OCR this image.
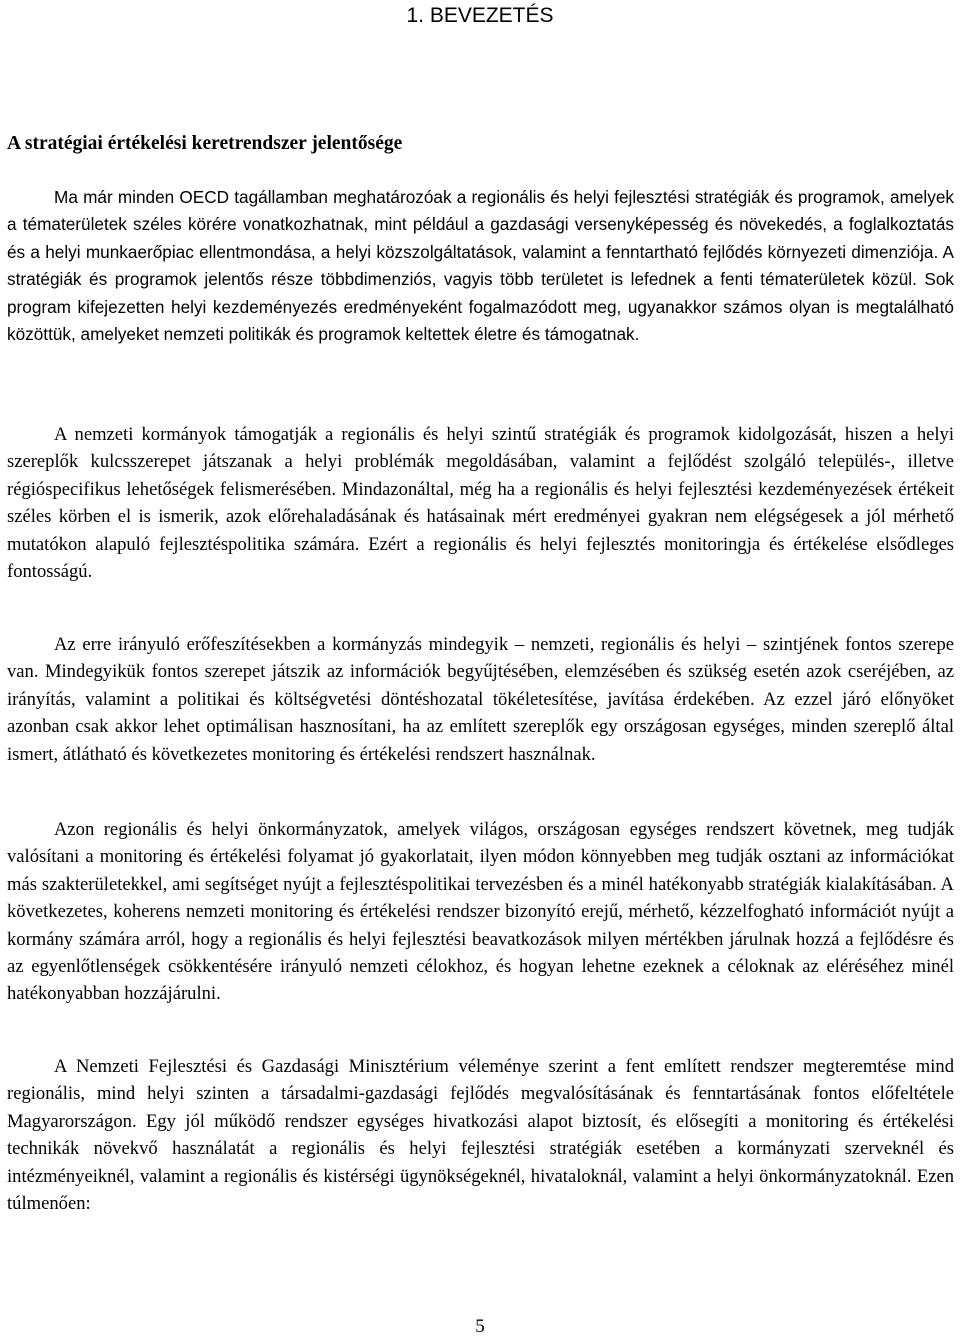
1. BEVEZETÉS
A stratégiai értékelési keretrendszer jelentősége

Ma már minden OECD tagállamban meghatározóak a regionális és helyi fejlesztési stratégiák és programok, amelyek a tématerületek széles körére vonatkozhatnak, mint például a gazdasági versenyképesség és növekedés, a foglalkoztatás és a helyi munkaerőpiac ellentmondása, a helyi közszolgáltatások, valamint a fenntartható fejlődés környezeti dimenziója. A stratégiák és programok jelentős része többdimenziós, vagyis több területet is lefednek a fenti tématerületek közül. Sok program kifejezetten helyi kezdeményezés eredményeként fogalmazódott meg, ugyanakkor számos olyan is megtalálható közöttük, amelyeket nemzeti politikák és programok keltettek életre és támogatnak.

A nemzeti kormányok támogatják a regionális és helyi szintű stratégiák és programok kidolgozását, hiszen a helyi szereplők kulcsszerepet játszanak a helyi problémák megoldásában, valamint a fejlődést szolgáló település-, illetve régióspecifikus lehetőségek felismerésében. Mindazonáltal, még ha a regionális és helyi fejlesztési kezdeményezések értékeit széles körben el is ismerik, azok előrehaladásának és hatásainak mért eredményei gyakran nem elégségesek a jól mérhető mutatókon alapuló fejlesztéspolitika számára. Ezért a regionális és helyi fejlesztés monitoringja és értékelése elsődleges fontosságú.

Az erre irányuló erőfeszítésekben a kormányzás mindegyik – nemzeti, regionális és helyi – szintjének fontos szerepe van. Mindegyikük fontos szerepet játszik az információk begyűjtésében, elemzésében és szükség esetén azok cseréjében, az irányítás, valamint a politikai és költségvetési döntéshozatal tökéletesítése, javítása érdekében. Az ezzel járó előnyöket azonban csak akkor lehet optimálisan hasznosítani, ha az említett szereplők egy országosan egységes, minden szereplő által ismert, átlátható és következetes monitoring és értékelési rendszert használnak.

Azon regionális és helyi önkormányzatok, amelyek világos, országosan egységes rendszert követnek, meg tudják valósítani a monitoring és értékelési folyamat jó gyakorlatait, ilyen módon könnyebben meg tudják osztani az információkat más szakterületekkel, ami segítséget nyújt a fejlesztéspolitikai tervezésben és a minél hatékonyabb stratégiák kialakításában. A következetes, koherens nemzeti monitoring és értékelési rendszer bizonyító erejű, mérhető, kézzelfogható információt nyújt a kormány számára arról, hogy a regionális és helyi fejlesztési beavatkozások milyen mértékben járulnak hozzá a fejlődésre és az egyenlőtlenségek csökkentésére irányuló nemzeti célokhoz, és hogyan lehetne ezeknek a céloknak az eléréséhez minél hatékonyabban hozzájárulni.

A Nemzeti Fejlesztési és Gazdasági Minisztérium véleménye szerint a fent említett rendszer megteremtése mind regionális, mind helyi szinten a társadalmi-gazdasági fejlődés megvalósításának és fenntartásának fontos előfeltétele Magyarországon. Egy jól működő rendszer egységes hivatkozási alapot biztosít, és elősegíti a monitoring és értékelési technikák növekvő használatát a regionális és helyi fejlesztési stratégiák esetében a kormányzati szerveknél és intézményeiknél, valamint a regionális és kistérségi ügynökségeknél, hivataloknál, valamint a helyi önkormányzatoknál. Ezen túlmenően:

5
